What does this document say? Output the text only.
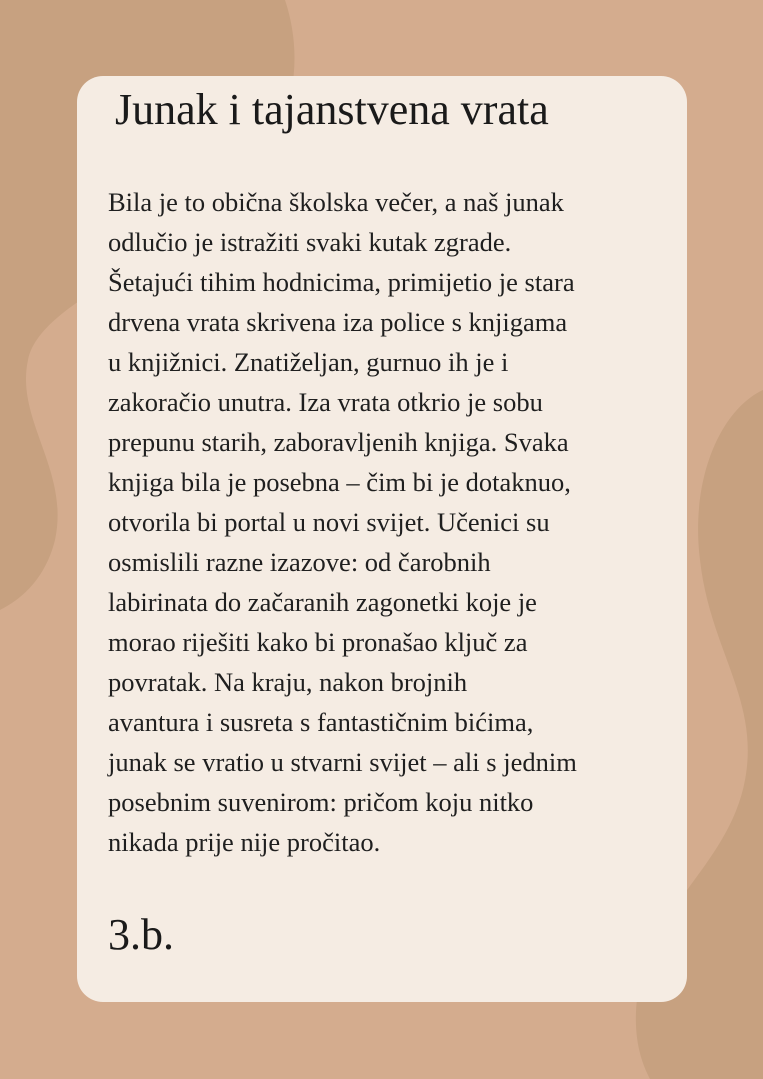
Junak i tajanstvena vrata

Bila je to obična školska večer, a naš junak
odlučio je istražiti svaki kutak zgrade.
Šetajući tihim hodnicima, primijetio je stara
drvena vrata skrivena iza police s knjigama
u knjižnici. Znatiželjan, gurnuo ih je i
zakoračio unutra. Iza vrata otkrio je sobu
prepunu starih, zaboravljenih knjiga. Svaka
knjiga bila je posebna – čim bi je dotaknuo,
otvorila bi portal u novi svijet. Učenici su
osmislili razne izazove: od čarobnih
labirinata do začaranih zagonetki koje je
morao riješiti kako bi pronašao ključ za
povratak. Na kraju, nakon brojnih
avantura i susreta s fantastičnim bićima,
junak se vratio u stvarni svijet – ali s jednim
posebnim suvenirom: pričom koju nitko
nikada prije nije pročitao.

3.b.
